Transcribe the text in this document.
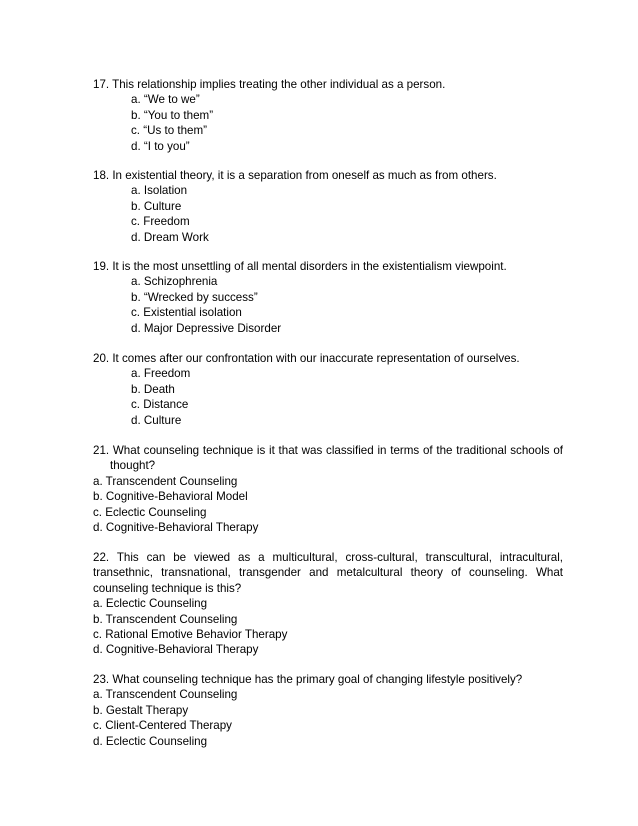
17. This relationship implies treating the other individual as a person.

a. “We to we”
b. “You to them”
c. “Us to them”
d. “I to you”

18. In existential theory, it is a separation from oneself as much as from others.

a. Isolation
b. Culture
c. Freedom
d. Dream Work

19. It is the most unsettling of all mental disorders in the existentialism viewpoint.

a. Schizophrenia
b. “Wrecked by success”
c. Existential isolation
d. Major Depressive Disorder

20. It comes after our confrontation with our inaccurate representation of ourselves.

a. Freedom
b. Death
c. Distance
d. Culture

21. What counseling technique is it that was classified in terms of the traditional schools of thought?

a. Transcendent Counseling
b. Cognitive-Behavioral Model
c. Eclectic Counseling
d. Cognitive-Behavioral Therapy

22. This can be viewed as a multicultural, cross-cultural, transcultural, intracultural, transethnic, transnational, transgender and metalcultural theory of counseling. What counseling technique is this?

a. Eclectic Counseling
b. Transcendent Counseling
c. Rational Emotive Behavior Therapy
d. Cognitive-Behavioral Therapy

23. What counseling technique has the primary goal of changing lifestyle positively?

a. Transcendent Counseling
b. Gestalt Therapy
c. Client-Centered Therapy
d. Eclectic Counseling
